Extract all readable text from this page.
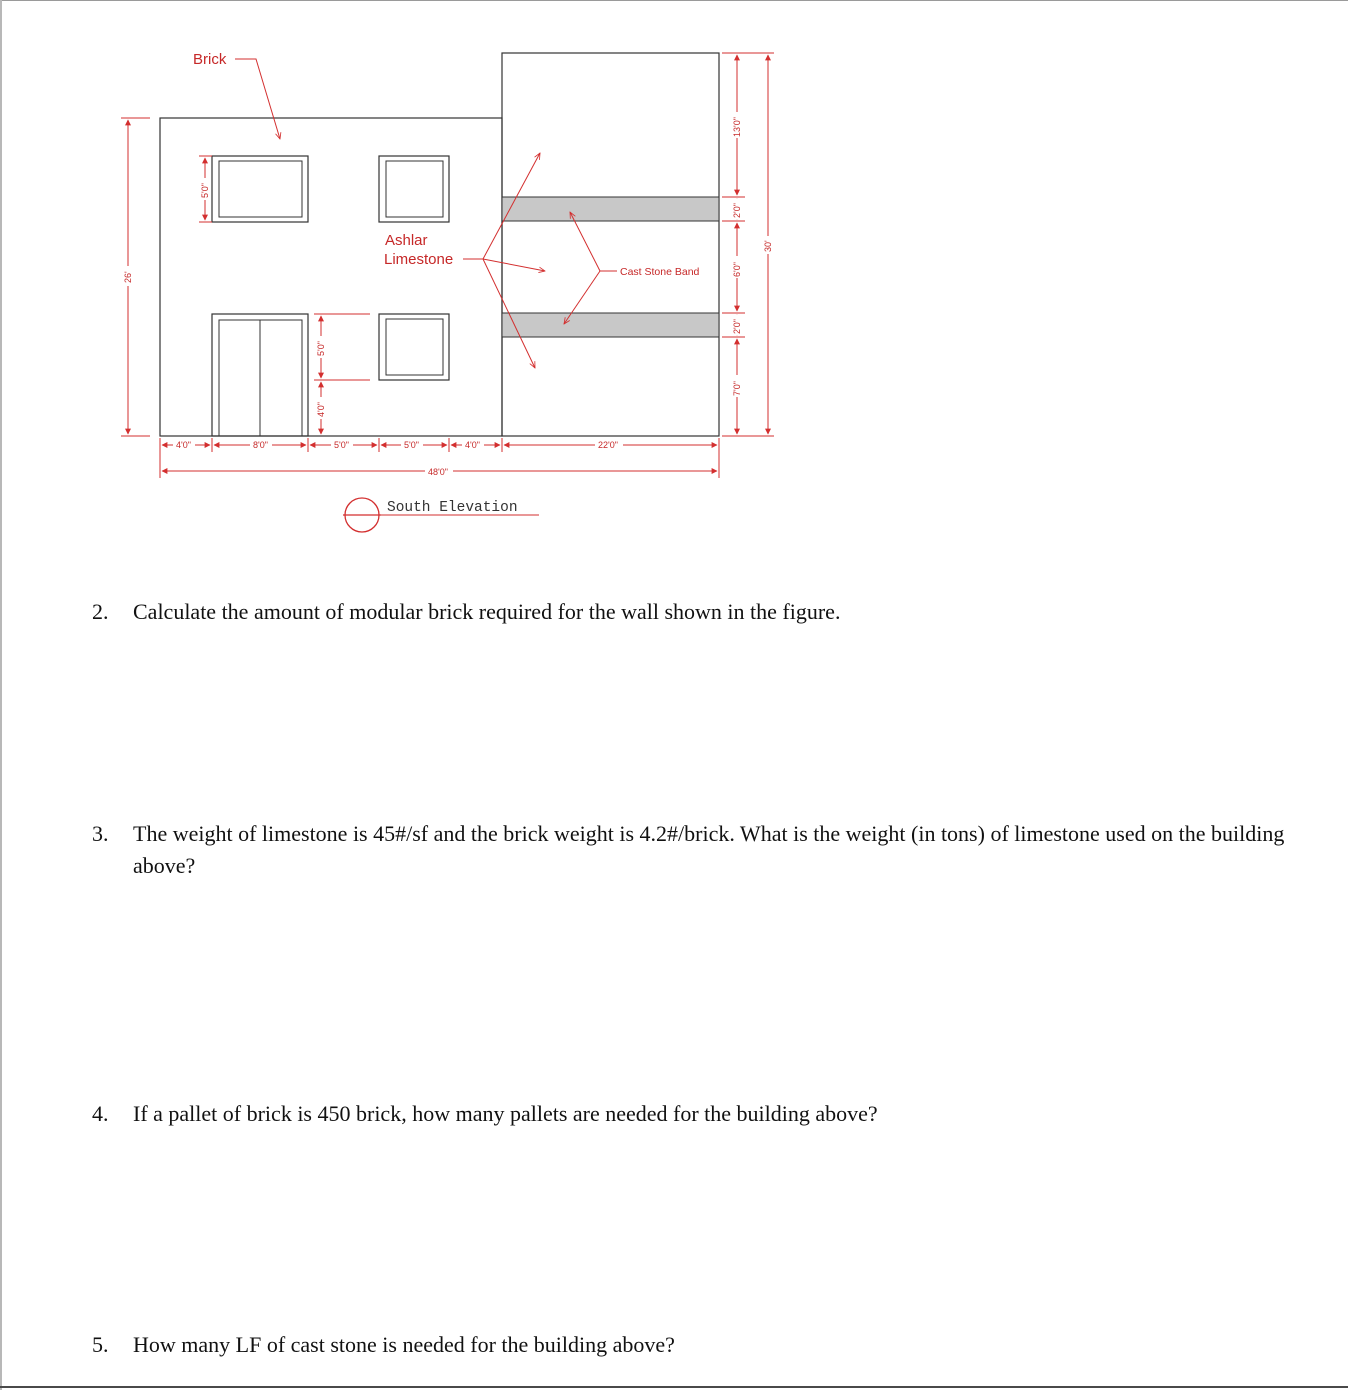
Brick
Ashlar
Limestone
Cast Stone Band
26'
5'0"
5'0"
4'0"
13'0"
2'0"
6'0"
2'0"
7'0"
30'
4'0"	8'0"	5'0"	5'0"	4'0"	22'0"
48'0"
South Elevation
2. Calculate the amount of modular brick required for the wall shown in the figure.
3. The weight of limestone is 45#/sf and the brick weight is 4.2#/brick. What is the weight (in tons) of limestone used on the building above?
4. If a pallet of brick is 450 brick, how many pallets are needed for the building above?
5. How many LF of cast stone is needed for the building above?
